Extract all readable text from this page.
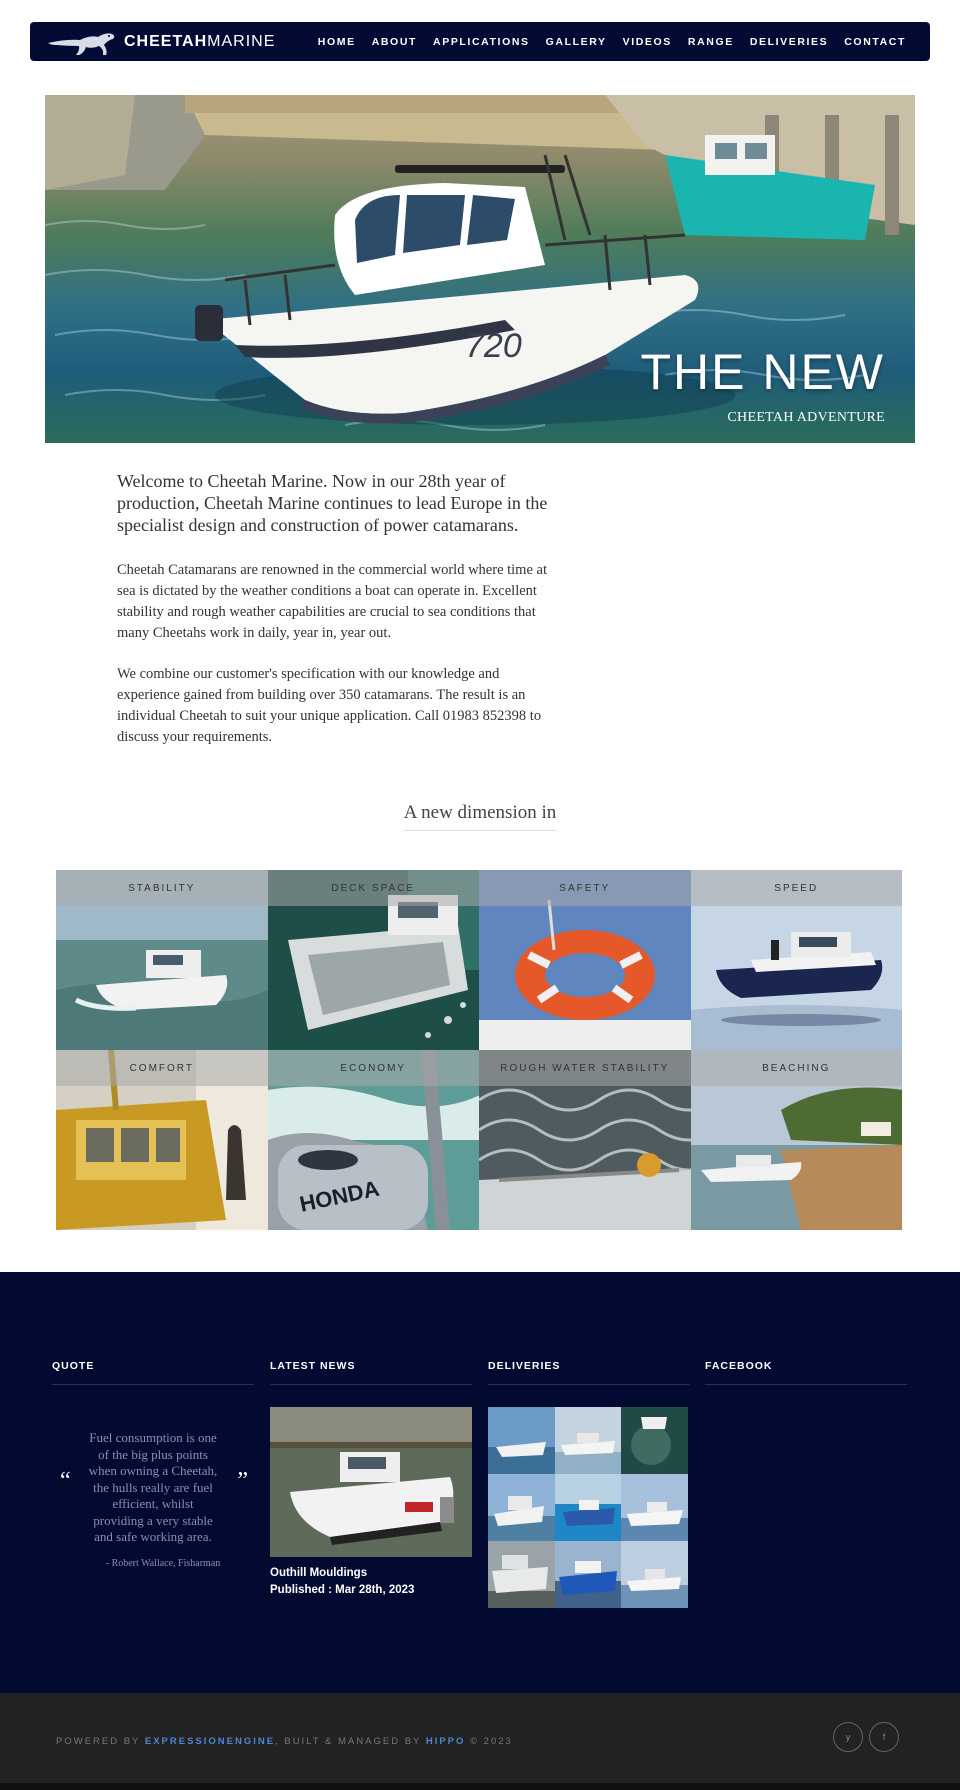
CHEETAHMARINE	HOME ABOUT APPLICATIONS GALLERY VIDEOS RANGE DELIVERIES CONTACT
720 THE NEW
CHEETAH ADVENTURE

Welcome to Cheetah Marine. Now in our 28th year of production, Cheetah Marine continues to lead Europe in the specialist design and construction of power catamarans.

Cheetah Catamarans are renowned in the commercial world where time at sea is dictated by the weather conditions a boat can operate in. Excellent stability and rough weather capabilities are crucial to sea conditions that many Cheetahs work in daily, year in, year out.

We combine our customer's specification with our knowledge and experience gained from building over 350 catamarans. The result is an individual Cheetah to suit your unique application. Call 01983 852398 to discuss your requirements.

A new dimension in
STABILITY	DECK SPACE	SAFETY	SPEED
COMFORT
HONDA
ECONOMY	ROUGH WATER STABILITY	BEACHING
QUOTE
“	”

Fuel consumption is one of the big plus points when owning a Cheetah, the hulls really are fuel efficient, whilst providing a very stable and safe working area.

- Robert Wallace, Fisharman

LATEST NEWS
Outhill Mouldings
Published : Mar 28th, 2023
DELIVERIES	FACEBOOK
POWERED BY EXPRESSIONENGINE, BUILT & MANAGED BY HIPPO © 2023	y	f
